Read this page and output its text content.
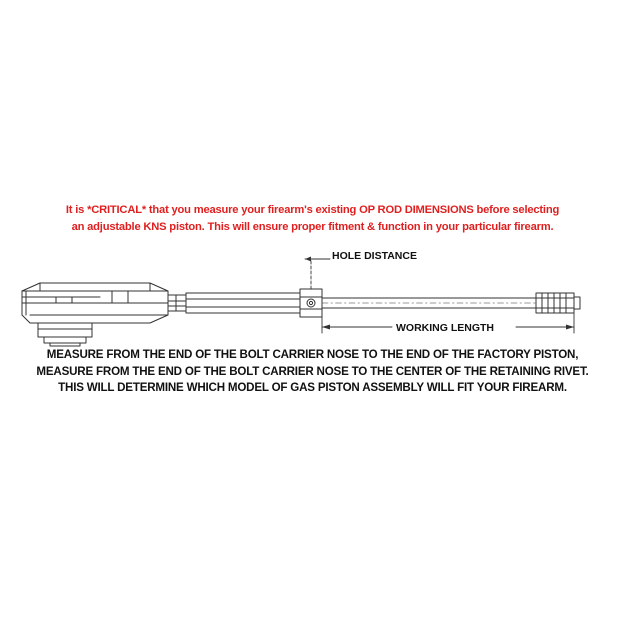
It is *CRITICAL* that you measure your firearm's existing OP ROD DIMENSIONS before selecting
an adjustable KNS piston. This will ensure proper fitment & function in your particular firearm.
HOLE DISTANCE
WORKING LENGTH
MEASURE FROM THE END OF THE BOLT CARRIER NOSE TO THE END OF THE FACTORY PISTON,
MEASURE FROM THE END OF THE BOLT CARRIER NOSE TO THE CENTER OF THE RETAINING RIVET.
THIS WILL DETERMINE WHICH MODEL OF GAS PISTON ASSEMBLY WILL FIT YOUR FIREARM.
